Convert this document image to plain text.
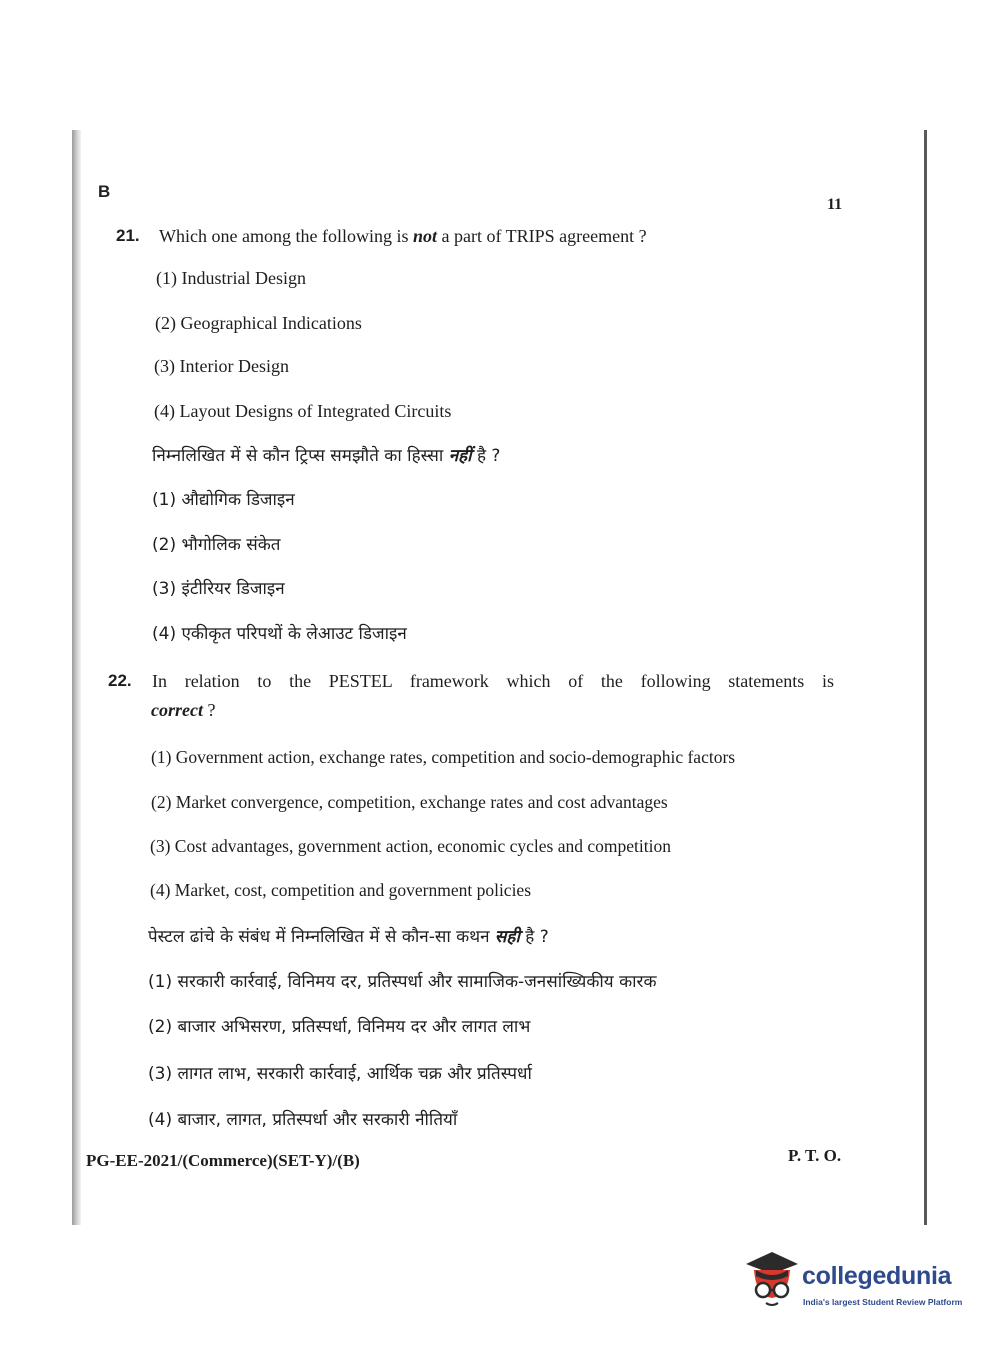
B
11
21. Which one among the following is not a part of TRIPS agreement ?
(1) Industrial Design
(2) Geographical Indications
(3) Interior Design
(4) Layout Designs of Integrated Circuits
निम्नलिखित में से कौन ट्रिप्स समझौते का हिस्सा नहीं है ?
(1) औद्योगिक डिजाइन
(2) भौगोलिक संकेत
(3) इंटीरियर डिजाइन
(4) एकीकृत परिपथों के लेआउट डिजाइन
22. In relation to the PESTEL framework which of the following statements is
correct ?
(1) Government action, exchange rates, competition and socio-demographic factors
(2) Market convergence, competition, exchange rates and cost advantages
(3) Cost advantages, government action, economic cycles and competition
(4) Market, cost, competition and government policies
पेस्टल ढांचे के संबंध में निम्नलिखित में से कौन-सा कथन सही है ?
(1) सरकारी कार्रवाई, विनिमय दर, प्रतिस्पर्धा और सामाजिक-जनसांख्यिकीय कारक
(2) बाजार अभिसरण, प्रतिस्पर्धा, विनिमय दर और लागत लाभ
(3) लागत लाभ, सरकारी कार्रवाई, आर्थिक चक्र और प्रतिस्पर्धा
(4) बाजार, लागत, प्रतिस्पर्धा और सरकारी नीतियाँ
PG-EE-2021/(Commerce)(SET-Y)/(B)	P. T. O.
collegedunia
India's largest Student Review Platform
